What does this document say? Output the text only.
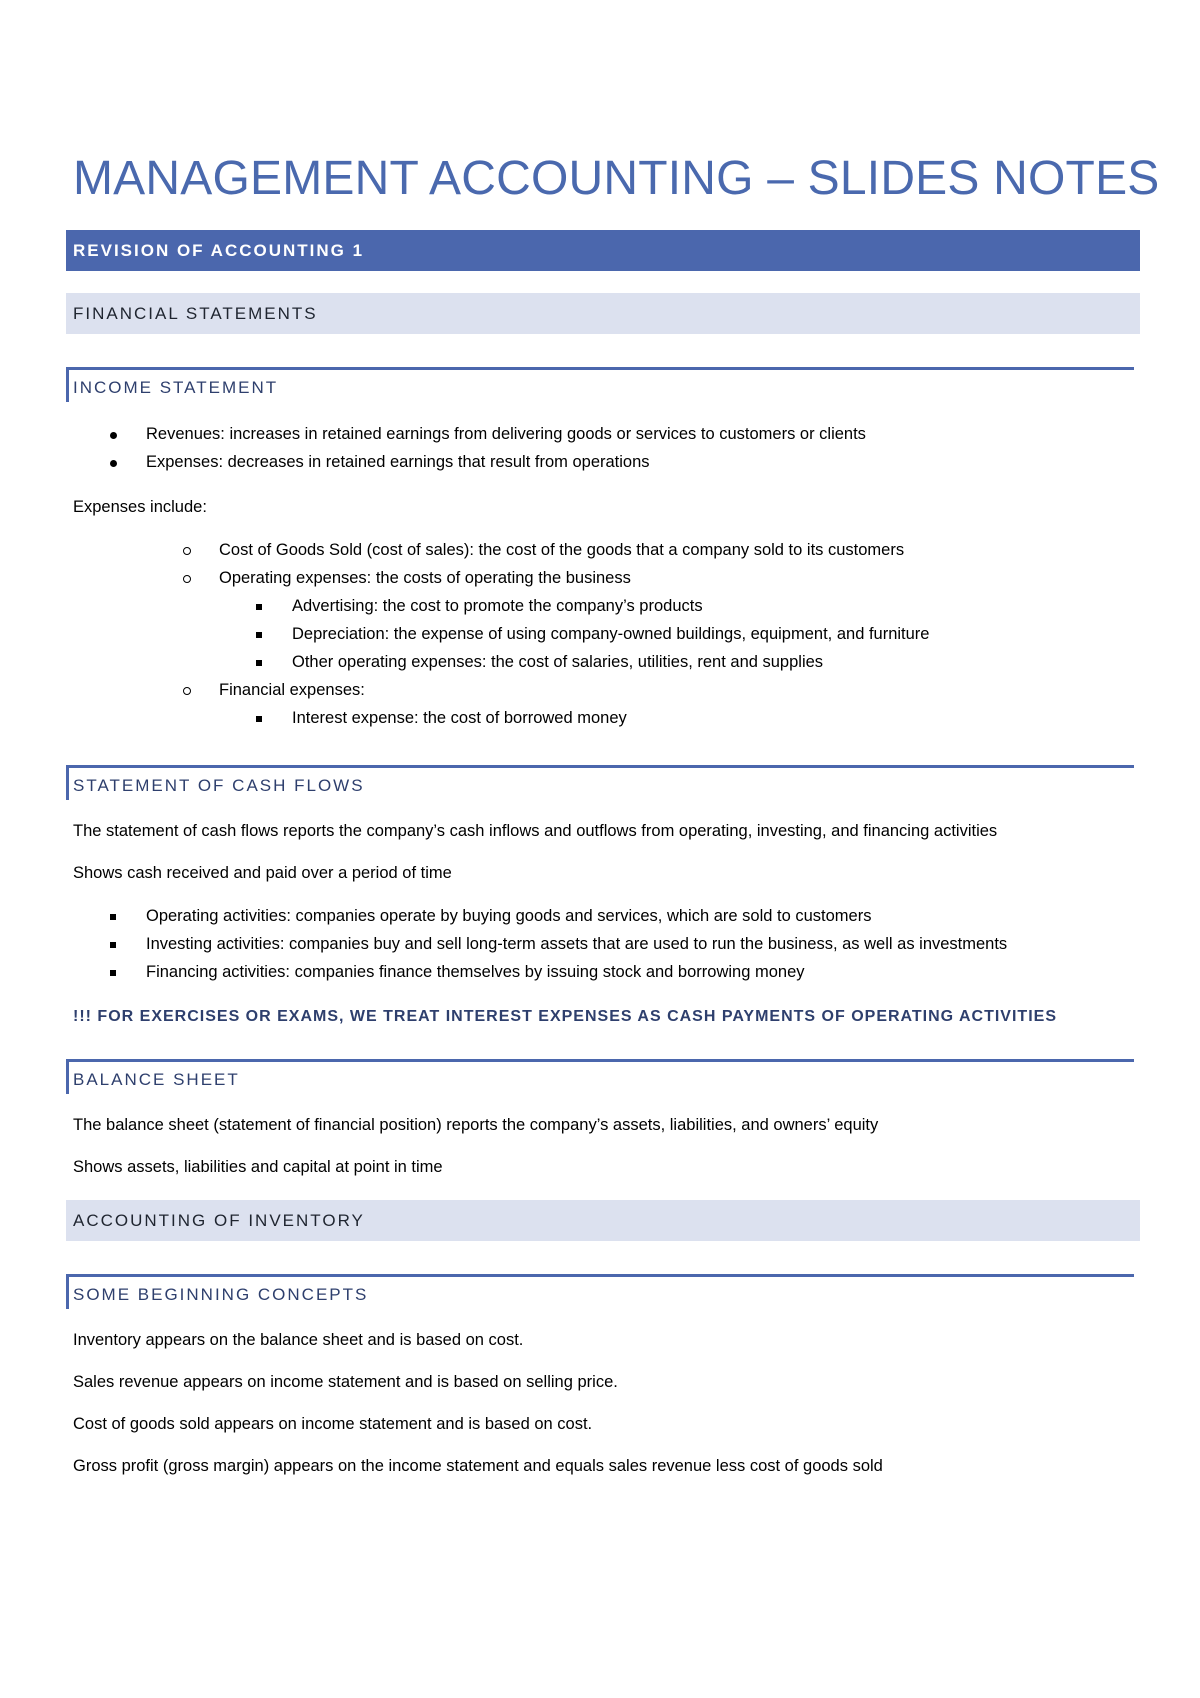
MANAGEMENT ACCOUNTING – SLIDES NOTES
REVISION OF ACCOUNTING 1
FINANCIAL STATEMENTS
INCOME STATEMENT
Revenues: increases in retained earnings from delivering goods or services to customers or clients
Expenses: decreases in retained earnings that result from operations
Expenses include:
Cost of Goods Sold (cost of sales): the cost of the goods that a company sold to its customers
Operating expenses: the costs of operating the business
Advertising: the cost to promote the company’s products
Depreciation: the expense of using company-owned buildings, equipment, and furniture
Other operating expenses: the cost of salaries, utilities, rent and supplies
Financial expenses:
Interest expense: the cost of borrowed money
STATEMENT OF CASH FLOWS
The statement of cash flows reports the company’s cash inflows and outflows from operating, investing, and financing activities
Shows cash received and paid over a period of time
Operating activities: companies operate by buying goods and services, which are sold to customers
Investing activities: companies buy and sell long-term assets that are used to run the business, as well as investments
Financing activities: companies finance themselves by issuing stock and borrowing money
!!! FOR EXERCISES OR EXAMS, WE TREAT INTEREST EXPENSES AS CASH PAYMENTS OF OPERATING ACTIVITIES
BALANCE SHEET
The balance sheet (statement of financial position) reports the company’s assets, liabilities, and owners’ equity
Shows assets, liabilities and capital at point in time
ACCOUNTING OF INVENTORY
SOME BEGINNING CONCEPTS
Inventory appears on the balance sheet and is based on cost.
Sales revenue appears on income statement and is based on selling price.
Cost of goods sold appears on income statement and is based on cost.
Gross profit (gross margin) appears on the income statement and equals sales revenue less cost of goods sold
